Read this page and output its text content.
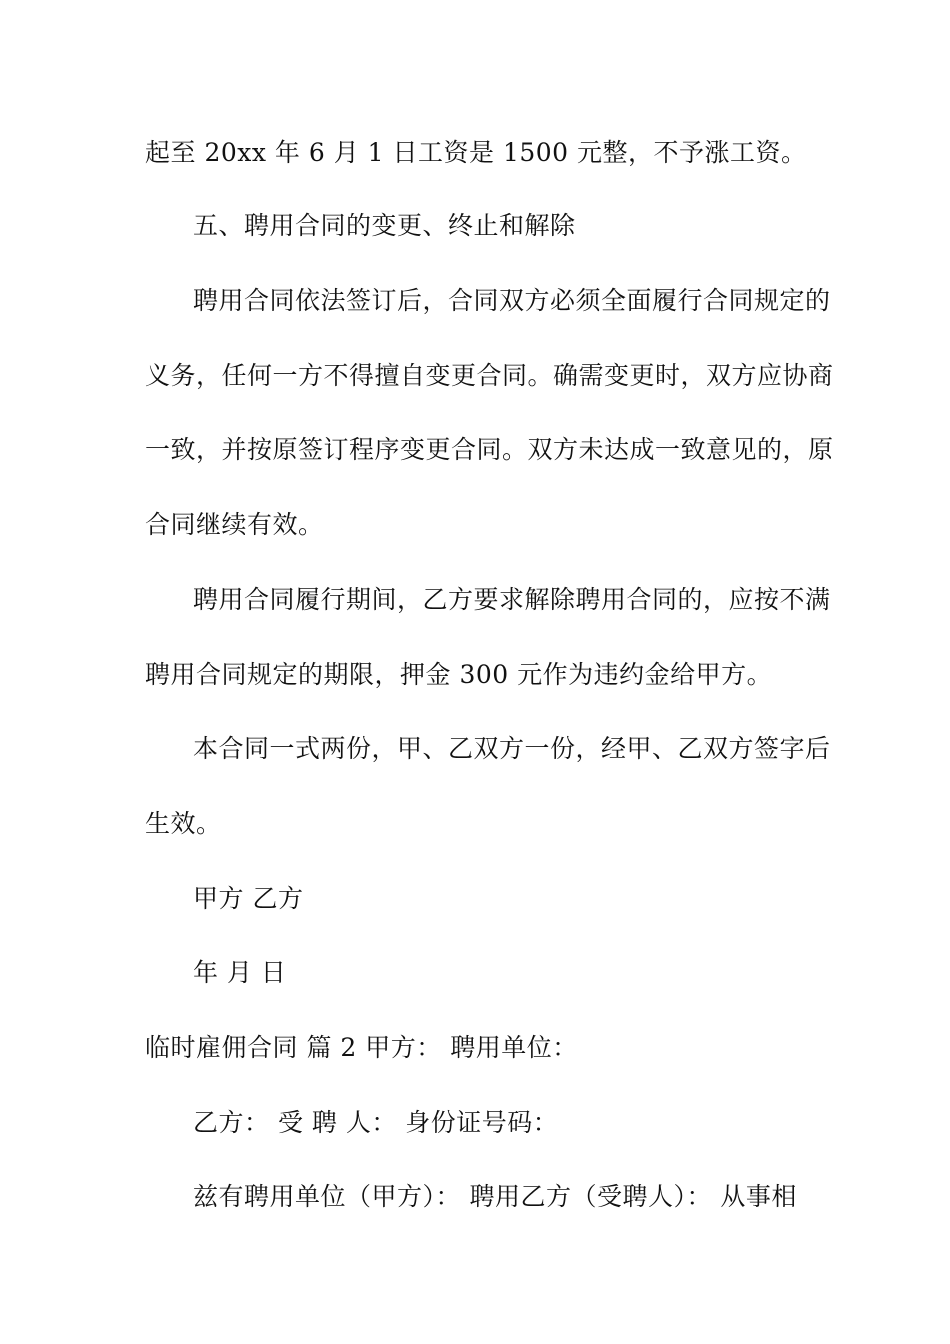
起至 20xx 年 6 月 1 日工资是 1500 元整，不予涨工资。
五、聘用合同的变更、终止和解除
聘用合同依法签订后，合同双方必须全面履行合同规定的
义务，任何一方不得擅自变更合同。确需变更时，双方应协商
一致，并按原签订程序变更合同。双方未达成一致意见的，原
合同继续有效。
聘用合同履行期间，乙方要求解除聘用合同的，应按不满
聘用合同规定的期限，押金 300 元作为违约金给甲方。
本合同一式两份，甲、乙双方一份，经甲、乙双方签字后
生效。
甲方 乙方
年 月 日
临时雇佣合同 篇 2 甲方： 聘用单位：
乙方： 受 聘 人： 身份证号码：
兹有聘用单位（甲方）： 聘用乙方（受聘人）： 从事相
